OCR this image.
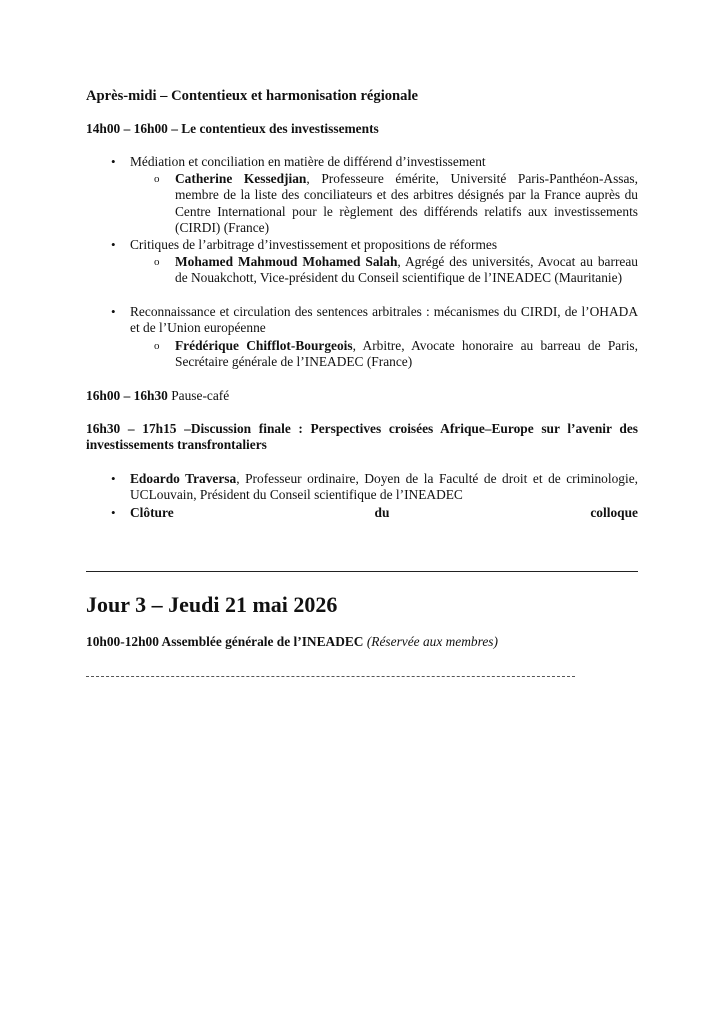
Après-midi – Contentieux et harmonisation régionale
14h00 – 16h00 – Le contentieux des investissements
• Médiation et conciliation en matière de différend d’investissement
o Catherine Kessedjian, Professeure émérite, Université Paris-Panthéon-Assas, membre de la liste des conciliateurs et des arbitres désignés par la France auprès du Centre International pour le règlement des différends relatifs aux investissements (CIRDI) (France)
• Critiques de l’arbitrage d’investissement et propositions de réformes
o Mohamed Mahmoud Mohamed Salah, Agrégé des universités, Avocat au barreau de Nouakchott, Vice-président du Conseil scientifique de l’INEADEC (Mauritanie)
• Reconnaissance et circulation des sentences arbitrales : mécanismes du CIRDI, de l’OHADA et de l’Union européenne
o Frédérique Chifflot-Bourgeois, Arbitre, Avocate honoraire au barreau de Paris, Secrétaire générale de l’INEADEC (France)
16h00 – 16h30 Pause-café
16h30 – 17h15 –Discussion finale : Perspectives croisées Afrique–Europe sur l’avenir des investissements transfrontaliers
• Edoardo Traversa, Professeur ordinaire, Doyen de la Faculté de droit et de criminologie, UCLouvain, Président du Conseil scientifique de l’INEADEC
• Clôture	du	colloque
Jour 3 – Jeudi 21 mai 2026
10h00-12h00 Assemblée générale de l’INEADEC (Réservée aux membres)
